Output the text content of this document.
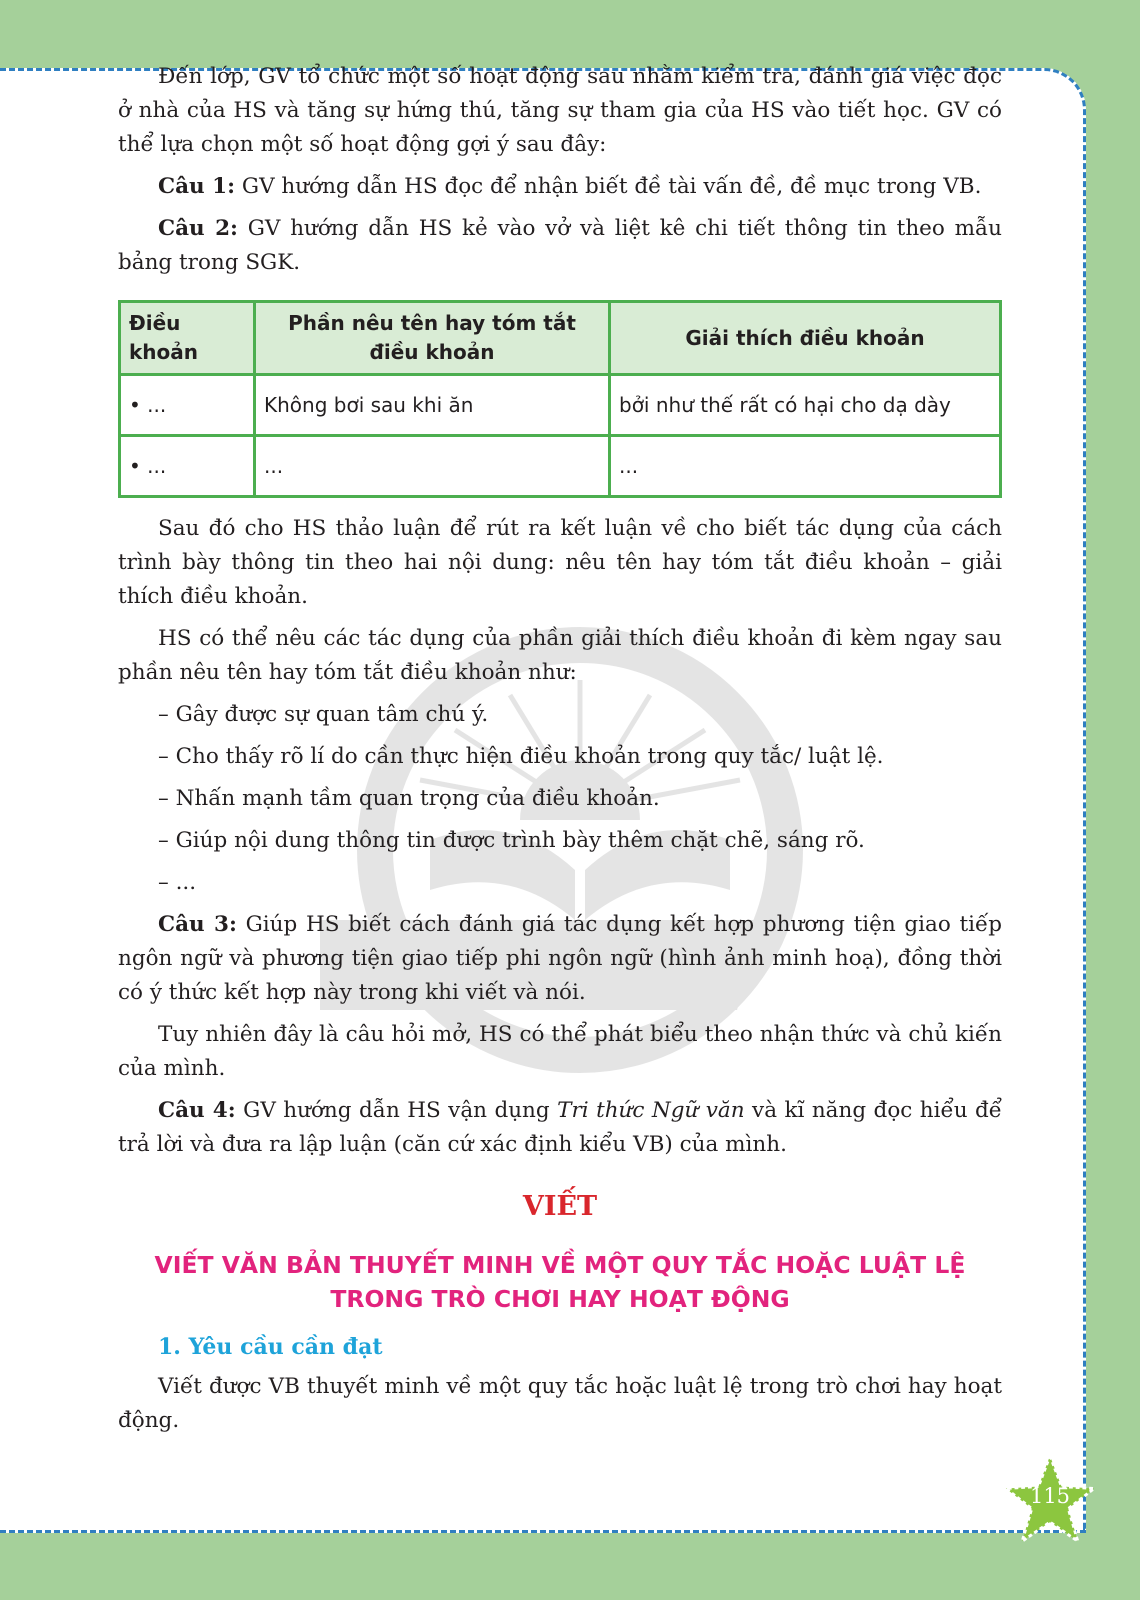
Đến lớp, GV tổ chức một số hoạt động sau nhằm kiểm tra, đánh giá việc đọc ở nhà của HS và tăng sự hứng thú, tăng sự tham gia của HS vào tiết học. GV có thể lựa chọn một số hoạt động gợi ý sau đây:

Câu 1: GV hướng dẫn HS đọc để nhận biết đề tài vấn đề, đề mục trong VB.

Câu 2: GV hướng dẫn HS kẻ vào vở và liệt kê chi tiết thông tin theo mẫu bảng trong SGK.

Điều khoản	Phần nêu tên hay tóm tắt điều khoản	Giải thích điều khoản
• ...	Không bơi sau khi ăn	bởi như thế rất có hại cho dạ dày
• ...	...	...

Sau đó cho HS thảo luận để rút ra kết luận về cho biết tác dụng của cách trình bày thông tin theo hai nội dung: nêu tên hay tóm tắt điều khoản – giải thích điều khoản.

HS có thể nêu các tác dụng của phần giải thích điều khoản đi kèm ngay sau phần nêu tên hay tóm tắt điều khoản như:

– Gây được sự quan tâm chú ý.
– Cho thấy rõ lí do cần thực hiện điều khoản trong quy tắc/ luật lệ.
– Nhấn mạnh tầm quan trọng của điều khoản.
– Giúp nội dung thông tin được trình bày thêm chặt chẽ, sáng rõ.
– ...

Câu 3: Giúp HS biết cách đánh giá tác dụng kết hợp phương tiện giao tiếp ngôn ngữ và phương tiện giao tiếp phi ngôn ngữ (hình ảnh minh hoạ), đồng thời có ý thức kết hợp này trong khi viết và nói.

Tuy nhiên đây là câu hỏi mở, HS có thể phát biểu theo nhận thức và chủ kiến của mình.

Câu 4: GV hướng dẫn HS vận dụng Tri thức Ngữ văn và kĩ năng đọc hiểu để trả lời và đưa ra lập luận (căn cứ xác định kiểu VB) của mình.

VIẾT
VIẾT VĂN BẢN THUYẾT MINH VỀ MỘT QUY TẮC HOẶC LUẬT LỆ
TRONG TRÒ CHƠI HAY HOẠT ĐỘNG
1. Yêu cầu cần đạt

Viết được VB thuyết minh về một quy tắc hoặc luật lệ trong trò chơi hay hoạt động.

115
